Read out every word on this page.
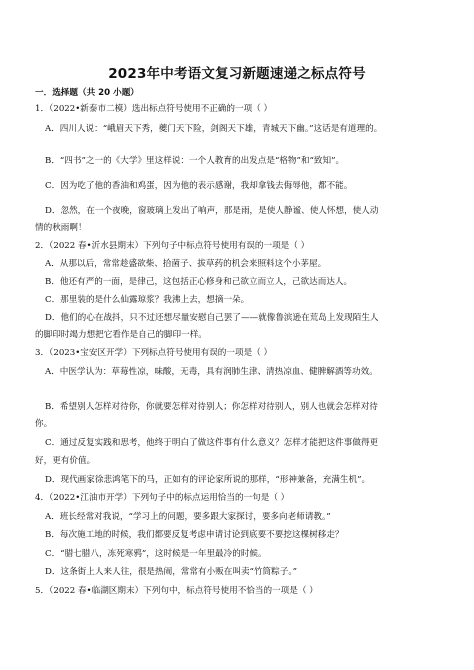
2023年中考语文复习新题速递之标点符号
一．选择题（共 20 小题）
1．（2022•新泰市二模）选出标点符号使用不正确的一项（ ）
A．四川人说：“峨眉天下秀，夔门天下险，剑阁天下雄，青城天下幽。”这话是有道理的。
B．“四书”之一的《大学》里这样说：一个人教育的出发点是“格物”和“致知”。
C．因为吃了他的香油和鸡蛋，因为他的表示感谢，我却拿钱去侮辱他，都不能。
D．忽然，在一个夜晚，窗玻璃上发出了响声，那是雨，是使人静谧、使人怀想，使人动
情的秋雨啊！
2．（2022 春•沂水县期末）下列句子中标点符号使用有误的一项是（ ）
A．从那以后，常常趁盛欲柴、拾菌子、拔草药的机会来照料这个小茅屋。
B．他还有严的一面，是律己，这包括正心修身和己欲立而立人，己欲达而达人。
C．那里装的是什么仙露琼浆？我沸上去，想摘一朵。
D．他们的心在战抖，只不过还想尽量安慰自己罢了——就像鲁滨逊在荒岛上发现陌生人
的脚印时竭力想把它看作是自己的脚印一样。
3．（2023•宝安区开学）下列标点符号使用有误的一项是（ ）
A．中医学认为：草莓性凉，味酸，无毒，具有润肺生津、清热凉血、健脾解酒等功效。
B．希望别人怎样对待你，你就要怎样对待别人；你怎样对待别人，别人也就会怎样对待
你。
C．通过反复实践和思考，他终于明白了做这件事有什么意义？怎样才能把这件事做得更
好，更有价值。
D．现代画家徐悲鸿笔下的马，正如有的评论家所说的那样，“形神兼备，充满生机”。
4．（2022•江油市开学）下列句子中的标点运用恰当的一句是（ ）
A．班长经常对我说，“学习上的问题，要多跟大家探讨，要多向老师请教。”
B．每次施工地的时候，我们都要反复考虑申请讨论到底要不要挖这棵树移走？
C．“腊七腊八，冻死寒鸦”，这时候是一年里最冷的时候。
D．这条街上人来人往，很是热闹，常常有小贩在叫卖“竹筒粽子。”
5．（2022 春•临湖区期末）下列句中，标点符号使用不恰当的一项是（ ）
